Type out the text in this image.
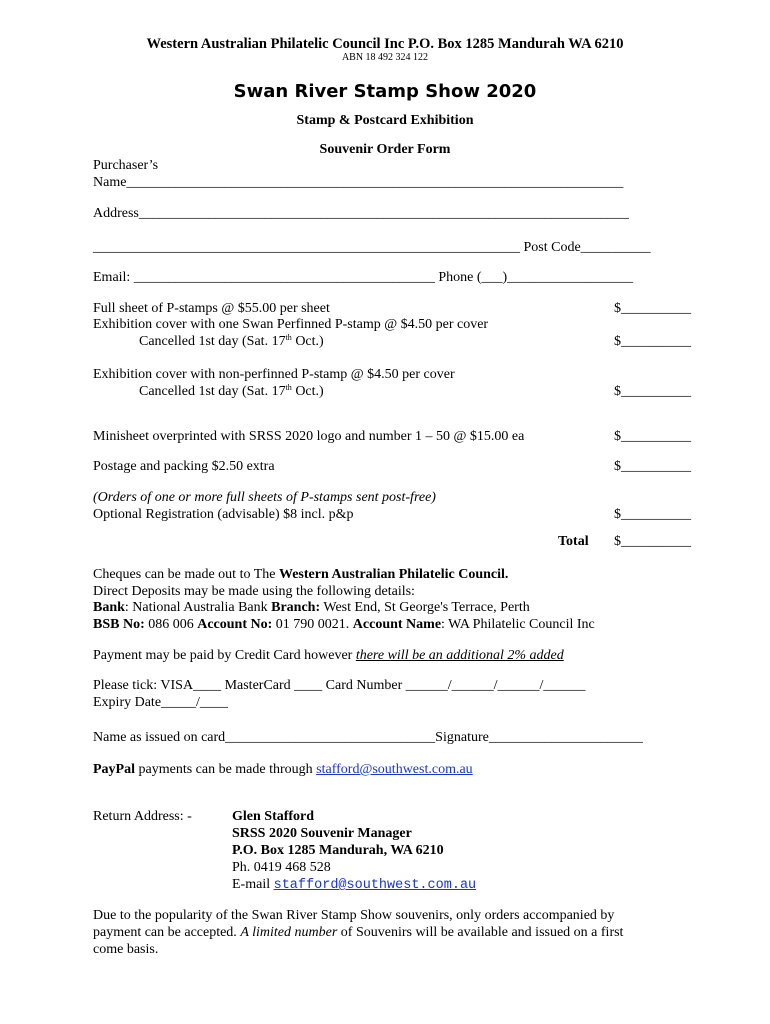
Western Australian Philatelic Council Inc P.O. Box 1285 Mandurah WA 6210
ABN 18 492 324 122
Swan River Stamp Show 2020
Stamp & Postcard Exhibition
Souvenir Order Form
Purchaser’s
Name_______________________________________________________________________
Address______________________________________________________________________
_____________________________________________________________ Post Code__________
Email: ___________________________________________ Phone (___)__________________
Full sheet of P-stamps @ $55.00 per sheet	$__________
Exhibition cover with one Swan Perfinned P-stamp @ $4.50 per cover
Cancelled 1st day (Sat. 17th Oct.)	$__________
Exhibition cover with non-perfinned P-stamp @ $4.50 per cover
Cancelled 1st day (Sat. 17th Oct.)	$__________
Minisheet overprinted with SRSS 2020 logo and number 1 – 50 @ $15.00 ea	$__________
Postage and packing $2.50 extra	$__________
(Orders of one or more full sheets of P-stamps sent post-free)
Optional Registration (advisable) $8 incl. p&p	$__________
Total $__________
Cheques can be made out to The Western Australian Philatelic Council.
Direct Deposits may be made using the following details:
Bank: National Australia Bank Branch: West End, St George's Terrace, Perth
BSB No: 086 006 Account No: 01 790 0021. Account Name: WA Philatelic Council Inc
Payment may be paid by Credit Card however there will be an additional 2% added
Please tick: VISA____ MasterCard ____ Card Number ______/______/______/______
Expiry Date_____/____
Name as issued on card______________________________Signature______________________
PayPal payments can be made through stafford@southwest.com.au
Return Address: -	Glen Stafford
SRSS 2020 Souvenir Manager
P.O. Box 1285 Mandurah, WA 6210
Ph. 0419 468 528
E-mail stafford@southwest.com.au
Due to the popularity of the Swan River Stamp Show souvenirs, only orders accompanied by
payment can be accepted. A limited number of Souvenirs will be available and issued on a first
come basis.
